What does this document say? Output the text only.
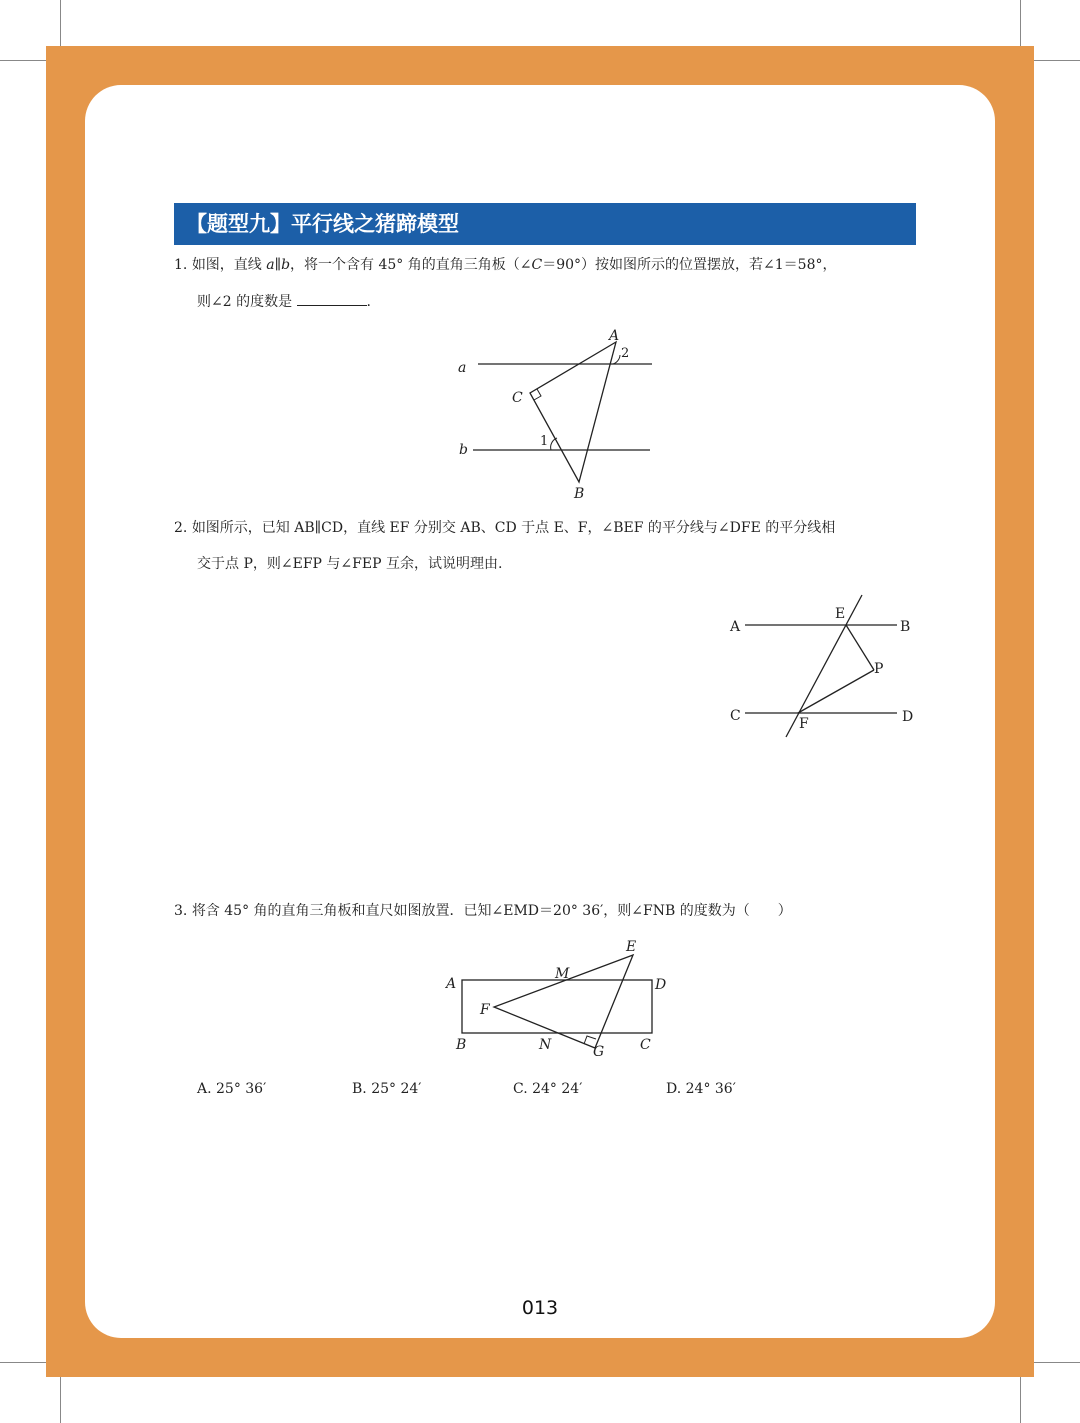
【题型九】平行线之猪蹄模型
1. 如图，直线 a∥b，将一个含有 45° 角的直角三角板（∠C＝90°）按如图所示的位置摆放，若∠1＝58°，
则∠2 的度数是	.
A
2
a
C
1
b
B
2. 如图所示，已知 AB∥CD，直线 EF 分别交 AB、CD 于点 E、F，∠BEF 的平分线与∠DFE 的平分线相
交于点 P，则∠EFP 与∠FEP 互余，试说明理由.
A
E
B
P
C	F	D
3. 将含 45° 角的直角三角板和直尺如图放置．已知∠EMD＝20° 36′，则∠FNB 的度数为（　　）
E
M
A	D
F
B	N	G	C
A. 25° 36′	B. 25° 24′	C. 24° 24′	D. 24° 36′
013
